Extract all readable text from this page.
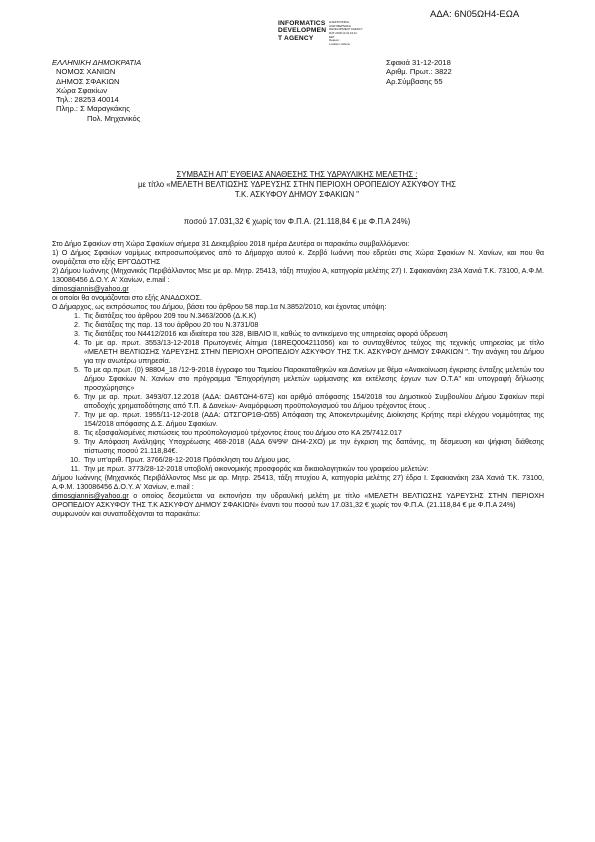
ΑΔΑ: 6Ν05ΩΗ4-ΕΩΑ
INFORMATICS
DEVELOPMEN
T AGENCY
ΗΛΕΚΤΡΟΝΙΚΗ
ΔΙΑΚΥΒΕΡΝΗΣΗ
DEVELOPMENT AGENCY
DAT 2018.12.31 10:11
EET
Reason:
Location: Athens
ΕΛΛΗΝΙΚΗ ΔΗΜΟΚΡΑΤΙΑ
ΝΟΜΟΣ ΧΑΝΙΩΝ
ΔΗΜΟΣ ΣΦΑΚΙΩΝ
Χώρα Σφακίων
Τηλ.: 28253 40014
Πληρ.: Σ Μαραγκάκης
Πολ. Μηχανικός
Σφακιά 31-12-2018
Αριθμ. Πρωτ.: 3822
Αρ.Σύμβασης 55
ΣΥΜΒΑΣΗ ΑΠ' ΕΥΘΕΙΑΣ ΑΝΑΘΕΣΗΣ ΤΗΣ ΥΔΡΑΥΛΙΚΗΣ ΜΕΛΕΤΗΣ :
με τίτλο «ΜΕΛΕΤΗ ΒΕΛΤΙΩΣΗΣ ΥΔΡΕΥΣΗΣ ΣΤΗΝ ΠΕΡΙΟΧΗ ΟΡΟΠΕΔΙΟΥ ΑΣΚΥΦΟΥ ΤΗΣ
Τ.Κ. ΑΣΚΥΦΟΥ ΔΗΜΟΥ ΣΦΑΚΙΩΝ "
ποσού 17.031,32 € χωρίς τον Φ.Π.Α. (21.118,84 € με Φ.Π.Α 24%)

Στο Δήμο Σφακίων στη Χώρα Σφακίων σήμερα 31 Δεκεμβρίου 2018 ημέρα Δευτέρα οι παρακάτω συμβαλλόμενοι:

1) Ο Δήμος Σφακίων νομίμως εκπροσωπούμενος από το Δήμαρχο αυτού κ. Ζερβό Ιωάννη που εδρεύει στις Χώρα Σφακίων Ν. Χανίων, και που θα ονομάζεται στο εξής ΕΡΓΟΔΟΤΗΣ

2) Δήμου Ιωάννης (Μηχανικός Περιβάλλοντος Msc με αρ. Μητρ. 25413, τάξη πτυχίου Α, κατηγορία μελέτης 27) Ι. Σφακιανάκη 23Α Χανιά Τ.Κ. 73100, Α.Φ.Μ. 130086456 Δ.Ο.Υ. Α' Χανίων, e.mail :
dimosgiannis@yahoo.gr

οι οποίοι θα ονομάζονται στο εξής ΑΝΑΔΟΧΟΣ.

Ο Δήμαρχος, ως εκπρόσωπος του Δήμου, βάσει του άρθρου 58 παρ.1α Ν.3852/2010, και έχοντας υπόψη:

1. Τις διατάξεις του άρθρου 209 του Ν.3463/2006 (Δ.Κ.Κ)
2. Τις διατάξεις της παρ. 13 του άρθρου 20 του Ν.3731/08
3. Τις διατάξεις του Ν4412/2016 και ιδιαίτερα του 328, ΒΙΒΛΙΟ ΙΙ, καθώς το αντικείμενο της υπηρεσίας αφορά ύδρευση
4. Το με αρ. πρωτ. 3553/13-12-2018 Πρωτογενές Αίτημα (18REQ004211056) και το συνταχθέντος τεύχος της τεχνικής υπηρεσίας με τίτλο «ΜΕΛΕΤΗ ΒΕΛΤΙΩΣΗΣ ΥΔΡΕΥΣΗΣ ΣΤΗΝ ΠΕΡΙΟΧΗ ΟΡΟΠΕΔΙΟΥ ΑΣΚΥΦΟΥ ΤΗΣ Τ.Κ. ΑΣΚΥΦΟΥ ΔΗΜΟΥ ΣΦΑΚΙΩΝ ". Την ανάγκη του Δήμου για την ανωτέρω υπηρεσία.
5. Το με αρ.πρωτ. (0) 98804_18 /12-9-2018 έγγραφο του Ταμείου Παρακαταθηκών και Δανείων με θέμα «Ανακοίνωση έγκρισης ένταξης μελετών του Δήμου Σφακίων Ν. Χανίων στο πρόγραμμα "Επιχορήγηση μελετών ωρίμανσης και εκτέλεσης έργων των Ο.Τ.Α" και υπογραφή δήλωσης προσχώρησης»
6. Την με αρ. πρωτ. 3493/07.12.2018 (ΑΔΑ: ΩΑ6ΤΩΗ4-67Ξ) και αριθμό απόφασης 154/2018 του Δημοτικού Συμβουλίου Δήμου Σφακίων περί αποδοχής χρηματοδότησης από Τ.Π. & Δανείων- Αναμόρφωση προϋπολογισμού του Δήμου τρέχοντος έτους .
7. Την με αρ. πρωτ. 1955/11-12-2018 (ΑΔΑ: ΩΤΣΓΟΡ1Θ-Ω55) Απόφαση της Αποκεντρωμένης Διοίκησης Κρήτης περί ελέγχου νομιμότητας της 154/2018 απόφασης Δ.Σ. Δήμου Σφακίων.
8. Τις εξασφαλισμένες πιστώσεις του προϋπολογισμού τρέχοντος έτους του Δήμου στο ΚΑ 25/7412.017
9. Την Απόφαση Ανάληψης Υποχρέωσης 468-2018 (ΑΔΑ 6Ψ9Ψ ΩΗ4-2ΧΟ) με την έγκριση της δαπάνης, τη δέσμευση και ψήφιση διάθεσης πίστωσης ποσού 21.118,84€.
10. Την υπ'αριθ. Πρωτ. 3766/28-12-2018 Πρόσκληση του Δήμου μας.
11. Την με πρωτ. 3773/28-12-2018 υποβολή οικονομικής προσφοράς και δικαιολογητικών του γραφείου μελετών:

Δήμου Ιωάννης (Μηχανικός Περιβάλλοντος Msc με αρ. Μητρ. 25413, τάξη πτυχίου Α, κατηγορία μελέτης 27) έδρα Ι. Σφακιανάκη 23Α Χανιά Τ.Κ. 73100, Α.Φ.Μ. 130086456 Δ.Ο.Υ. Α' Χανίων, e.mail :
dimosgiannis@yahoo.gr ο οποίος δεσμεύεται να εκπονήσει την υδραυλική μελέτη με τίτλο «ΜΕΛΕΤΗ ΒΕΛΤΙΩΣΗΣ ΥΔΡΕΥΣΗΣ ΣΤΗΝ ΠΕΡΙΟΧΗ ΟΡΟΠΕΔΙΟΥ ΑΣΚΥΦΟΥ ΤΗΣ Τ.Κ ΑΣΚΥΦΟΥ ΔΗΜΟΥ ΣΦΑΚΙΩΝ» έναντι του ποσού των 17.031,32 € χωρίς τον Φ.Π.Α. (21.118,84 € με Φ.Π.Α 24%)

συμφωνούν και συναποδέχονται τα παρακάτω:
